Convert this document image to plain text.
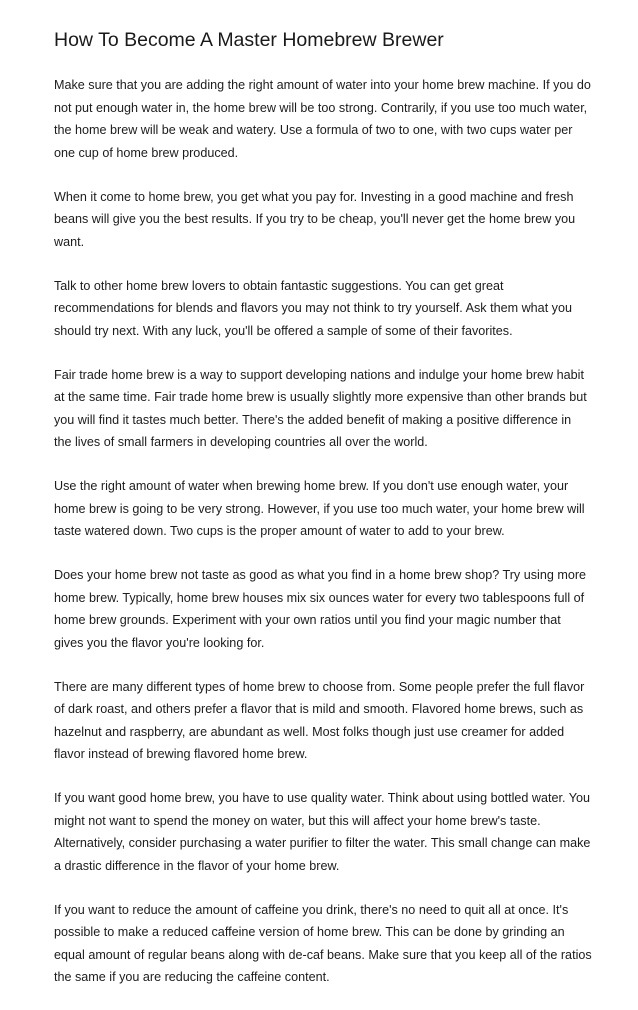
How To Become A Master Homebrew Brewer

Make sure that you are adding the right amount of water into your home brew machine. If you do not put enough water in, the home brew will be too strong. Contrarily, if you use too much water, the home brew will be weak and watery. Use a formula of two to one, with two cups water per one cup of home brew produced.

When it come to home brew, you get what you pay for. Investing in a good machine and fresh beans will give you the best results. If you try to be cheap, you'll never get the home brew you want.

Talk to other home brew lovers to obtain fantastic suggestions. You can get great recommendations for blends and flavors you may not think to try yourself. Ask them what you should try next. With any luck, you'll be offered a sample of some of their favorites.

Fair trade home brew is a way to support developing nations and indulge your home brew habit at the same time. Fair trade home brew is usually slightly more expensive than other brands but you will find it tastes much better. There's the added benefit of making a positive difference in the lives of small farmers in developing countries all over the world.

Use the right amount of water when brewing home brew. If you don't use enough water, your home brew is going to be very strong. However, if you use too much water, your home brew will taste watered down. Two cups is the proper amount of water to add to your brew.

Does your home brew not taste as good as what you find in a home brew shop? Try using more home brew. Typically, home brew houses mix six ounces water for every two tablespoons full of home brew grounds. Experiment with your own ratios until you find your magic number that gives you the flavor you're looking for.

There are many different types of home brew to choose from. Some people prefer the full flavor of dark roast, and others prefer a flavor that is mild and smooth. Flavored home brews, such as hazelnut and raspberry, are abundant as well. Most folks though just use creamer for added flavor instead of brewing flavored home brew.

If you want good home brew, you have to use quality water. Think about using bottled water. You might not want to spend the money on water, but this will affect your home brew's taste. Alternatively, consider purchasing a water purifier to filter the water. This small change can make a drastic difference in the flavor of your home brew.

If you want to reduce the amount of caffeine you drink, there's no need to quit all at once. It's possible to make a reduced caffeine version of home brew. This can be done by grinding an equal amount of regular beans along with de-caf beans. Make sure that you keep all of the ratios the same if you are reducing the caffeine content.
